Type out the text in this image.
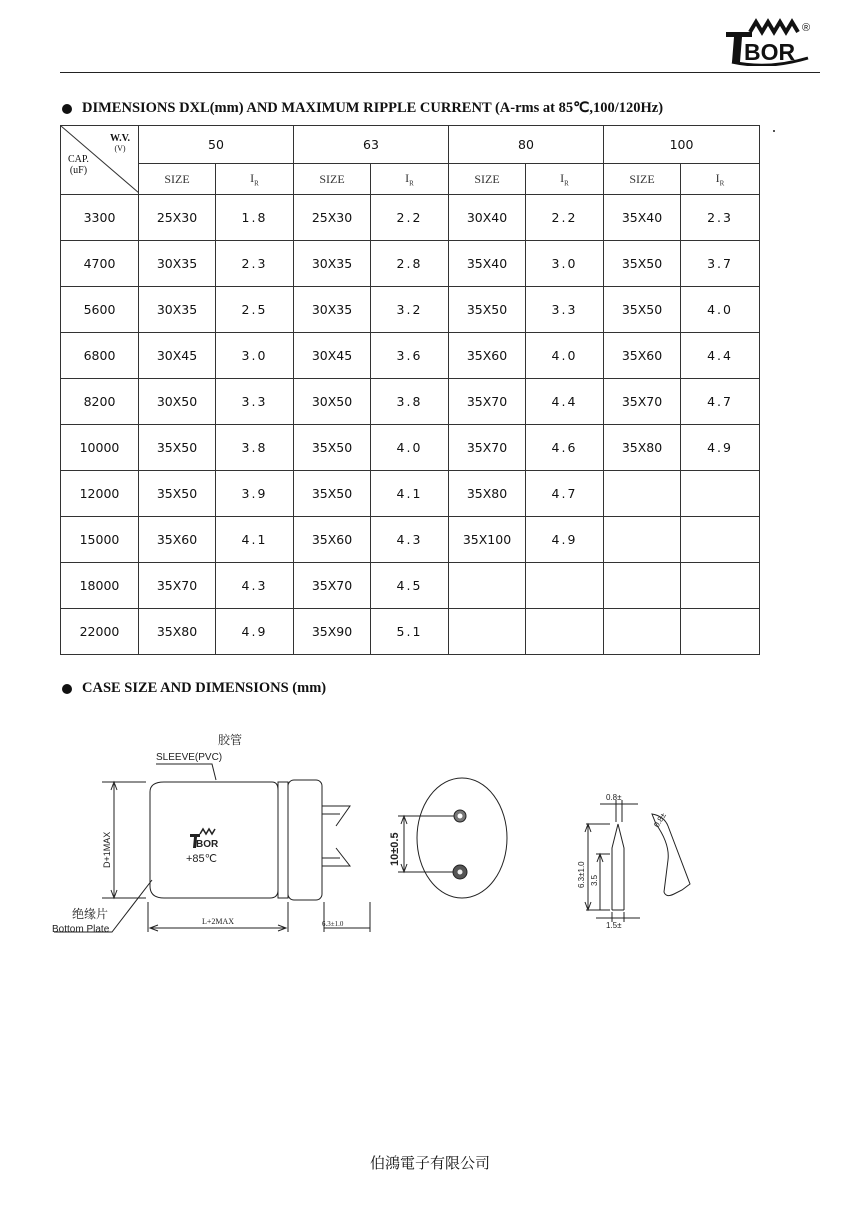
BOR
®
DIMENSIONS DXL(mm) AND MAXIMUM RIPPLE CURRENT (A-rms at 85℃,100/120Hz)
W.V.
(V)
CAP.
(uF)	50		63		80		100	
	SIZE	$I_R$	SIZE	$I_R$	SIZE	$I_R$	SIZE	$I_R$
3300	25X30	1.8	25X30	2.2	30X40	2.2	35X40	2.3
4700	30X35	2.3	30X35	2.8	35X40	3.0	35X50	3.7
5600	30X35	2.5	30X35	3.2	35X50	3.3	35X50	4.0
6800	30X45	3.0	30X45	3.6	35X60	4.0	35X60	4.4
8200	30X50	3.3	30X50	3.8	35X70	4.4	35X70	4.7
10000	35X50	3.8	35X50	4.0	35X70	4.6	35X80	4.9
12000	35X50	3.9	35X50	4.1	35X80	4.7		
15000	35X60	4.1	35X60	4.3	35X100	4.9		
18000	35X70	4.3	35X70	4.5				
22000	35X80	4.9	35X90	5.1				
CASE SIZE AND DIMENSIONS (mm)
胶管
SLEEVE(PVC)
D+1MAX	BOR
+85℃
绝缘片
Bottom Plate
L+2MAX	6.3±1.0
10±0.5
0.8±
0.8±
6.3±1.0 3.5
1.5±
伯鴻電子有限公司
